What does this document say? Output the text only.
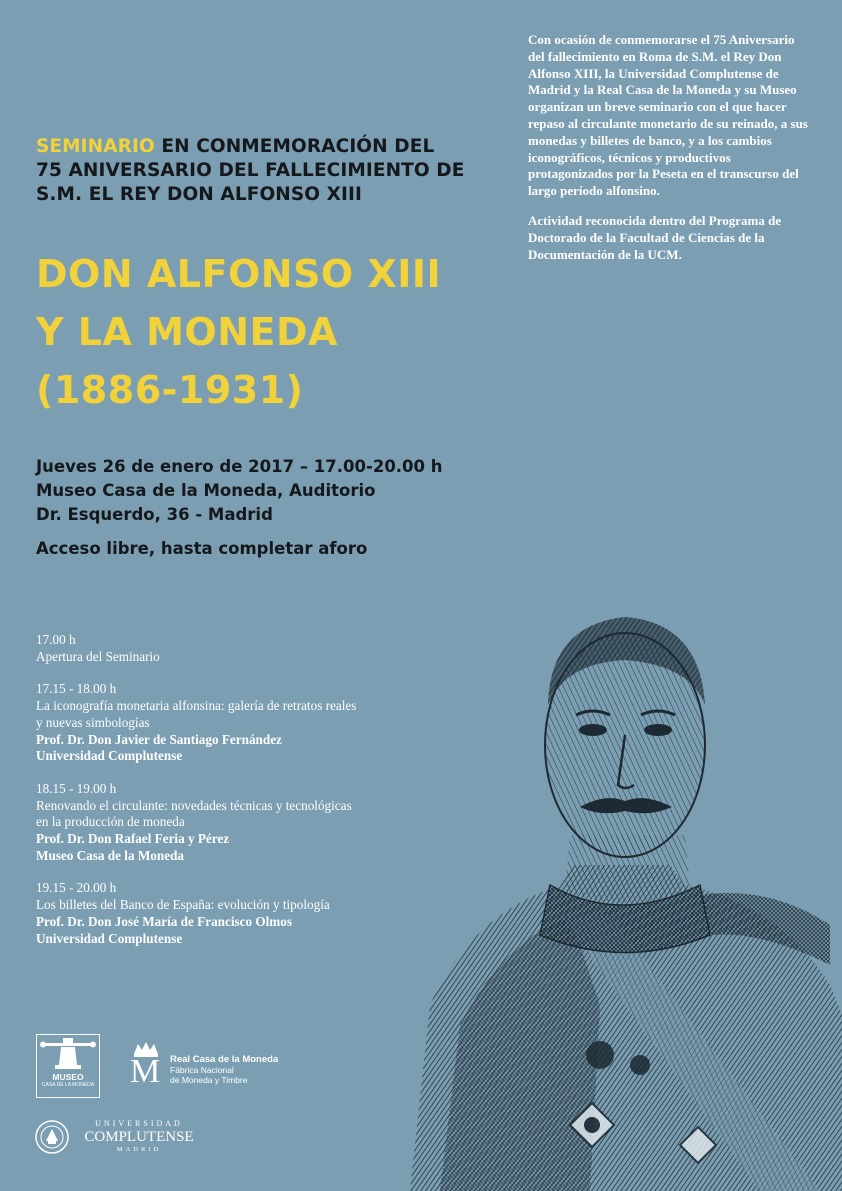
SEMINARIO EN CONMEMORACIÓN DEL
75 ANIVERSARIO DEL FALLECIMIENTO DE
S.M. EL REY DON ALFONSO XIII
DON ALFONSO XIII
Y LA MONEDA
(1886-1931)
Jueves 26 de enero de 2017 – 17.00-20.00 h
Museo Casa de la Moneda, Auditorio
Dr. Esquerdo, 36 - Madrid
Acceso libre, hasta completar aforo

Con ocasión de conmemorarse el 75 Aniversario del fallecimiento en Roma de S.M. el Rey Don Alfonso XIII, la Universidad Complutense de Madrid y la Real Casa de la Moneda y su Museo organizan un breve seminario con el que hacer repaso al circulante monetario de su reinado, a sus monedas y billetes de banco, y a los cambios iconográficos, técnicos y productivos protagonizados por la Peseta en el transcurso del largo período alfonsino.

Actividad reconocida dentro del Programa de Doctorado de la Facultad de Ciencias de la Documentación de la UCM.

17.00 h
Apertura del Seminario
17.15 - 18.00 h
La iconografía monetaria alfonsina: galería de retratos reales y nuevas simbologías
Prof. Dr. Don Javier de Santiago Fernández
Universidad Complutense
18.15 - 19.00 h
Renovando el circulante: novedades técnicas y tecnológicas en la producción de moneda
Prof. Dr. Don Rafael Feria y Pérez
Museo Casa de la Moneda
19.15 - 20.00 h
Los billetes del Banco de España: evolución y tipología
Prof. Dr. Don José María de Francisco Olmos
Universidad Complutense
MUSEO
CASA DE LA MONEDA M Real Casa de la Moneda
Fábrica Nacional
de Moneda y Timbre
UNIVERSIDAD
COMPLUTENSE
MADRID
